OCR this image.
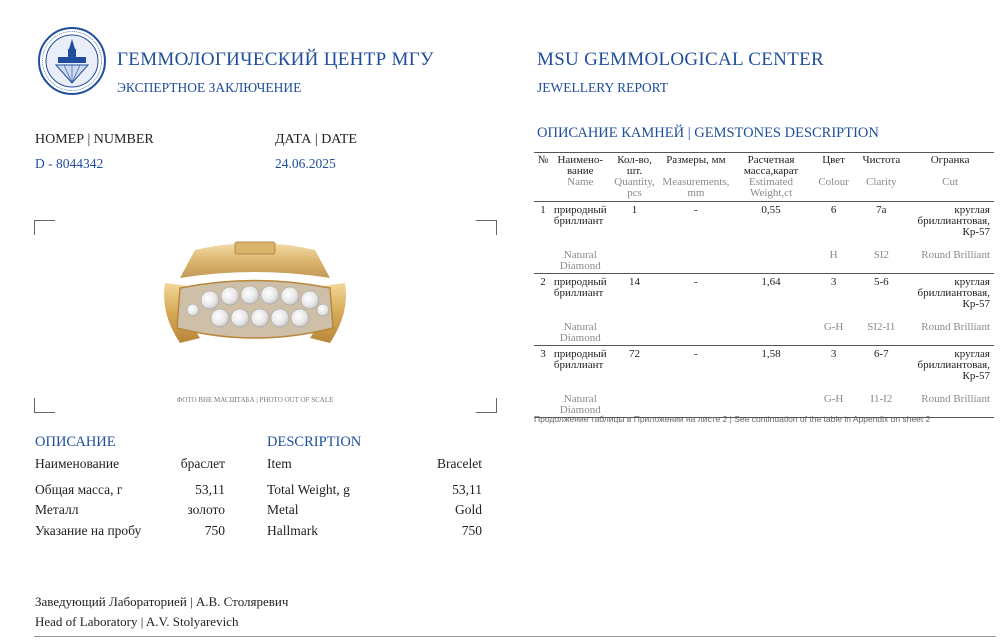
ГЕММОЛОГИЧЕСКИЙ ЦЕНТР МГУ
ЭКСПЕРТНОЕ ЗАКЛЮЧЕНИЕ
MSU GEMMOLOGICAL CENTER
JEWELLERY REPORT
НОМЕР | NUMBER
D - 8044342
ДАТА | DATE
24.06.2025
ФОТО ВНЕ МАСШТАБА | PHOTO OUT OF SCALE
ОПИСАНИЕ	DESCRIPTION
Наименование	браслет	Item	Bracelet
Общая масса, г	53,11	Total Weight, g	53,11
Металл	золото	Metal	Gold
Указание на пробу	750	Hallmark	750
ОПИСАНИЕ КАМНЕЙ | GEMSTONES DESCRIPTION
№	Наимено-вание	Кол-во, шт.	Размеры, мм	Расчетная масса,карат	Цвет	Чистота	Огранка
	Name	Quantity, pcs	Measurements, mm	Estimated Weight,ct	Colour	Clarity	Cut
1	природный бриллиант	1	-	0,55	6	7a	круглая бриллиантовая, Кр-57
	Natural Diamond				H	SI2	Round Brilliant
2	природный бриллиант	14	-	1,64	3	5-6	круглая бриллиантовая, Кр-57
	Natural Diamond				G-H	SI2-I1	Round Brilliant
3	природный бриллиант	72	-	1,58	3	6-7	круглая бриллиантовая, Кр-57
	Natural Diamond				G-H	I1-I2	Round Brilliant
Продолжение таблицы в Приложении на листе 2 | See continuation of the table in Appendix on sheet 2
Заведующий Лабораторией | А.В. Столяревич
Head of Laboratory | A.V. Stolyarevich
